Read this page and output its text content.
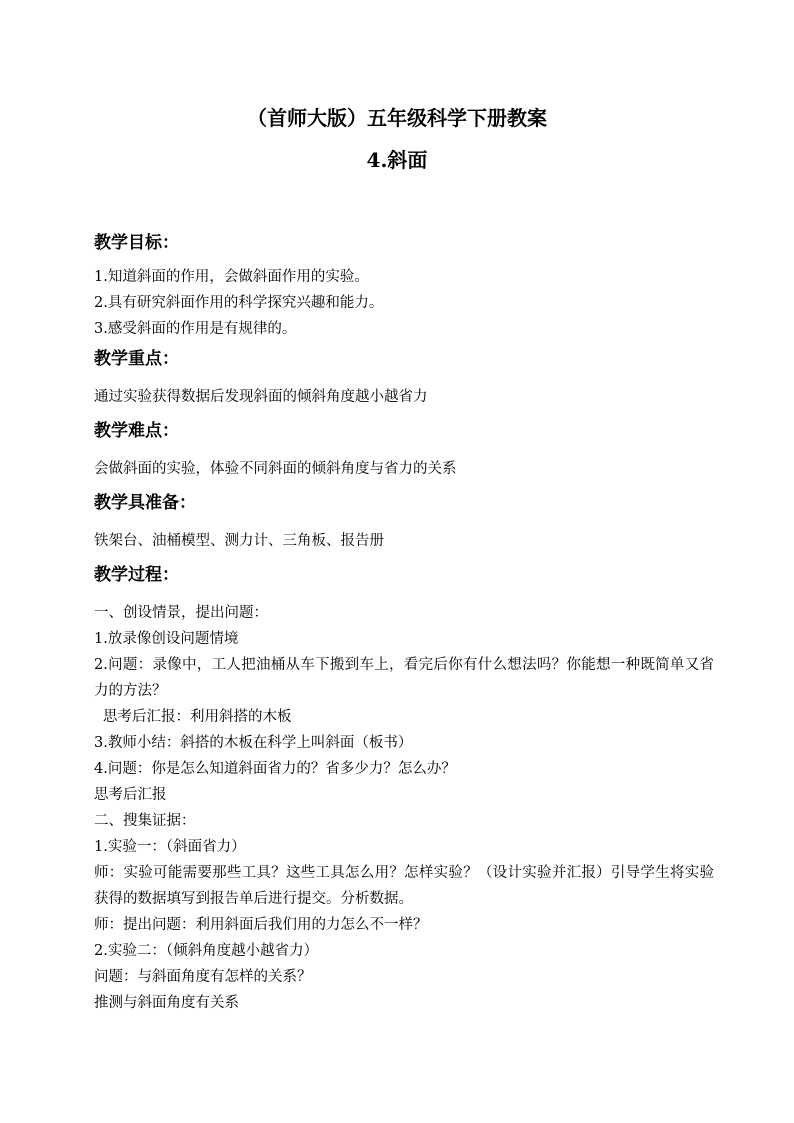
（首师大版）五年级科学下册教案
4.斜面
教学目标：
1.知道斜面的作用，会做斜面作用的实验。
2.具有研究斜面作用的科学探究兴趣和能力。
3.感受斜面的作用是有规律的。
教学重点：
通过实验获得数据后发现斜面的倾斜角度越小越省力
教学难点：
会做斜面的实验，体验不同斜面的倾斜角度与省力的关系
教学具准备：
铁架台、油桶模型、测力计、三角板、报告册
教学过程：
一、创设情景，提出问题：
1.放录像创设问题情境
2.问题：录像中，工人把油桶从车下搬到车上，看完后你有什么想法吗？你能想一种既简单又省力的方法？
思考后汇报：利用斜搭的木板
3.教师小结：斜搭的木板在科学上叫斜面（板书）
4.问题：你是怎么知道斜面省力的？省多少力？怎么办？
思考后汇报
二、搜集证据：
1.实验一：（斜面省力）
师：实验可能需要那些工具？这些工具怎么用？怎样实验？（设计实验并汇报）引导学生将实验获得的数据填写到报告单后进行提交。分析数据。
师：提出问题：利用斜面后我们用的力怎么不一样？
2.实验二：（倾斜角度越小越省力）
问题：与斜面角度有怎样的关系？
推测与斜面角度有关系
